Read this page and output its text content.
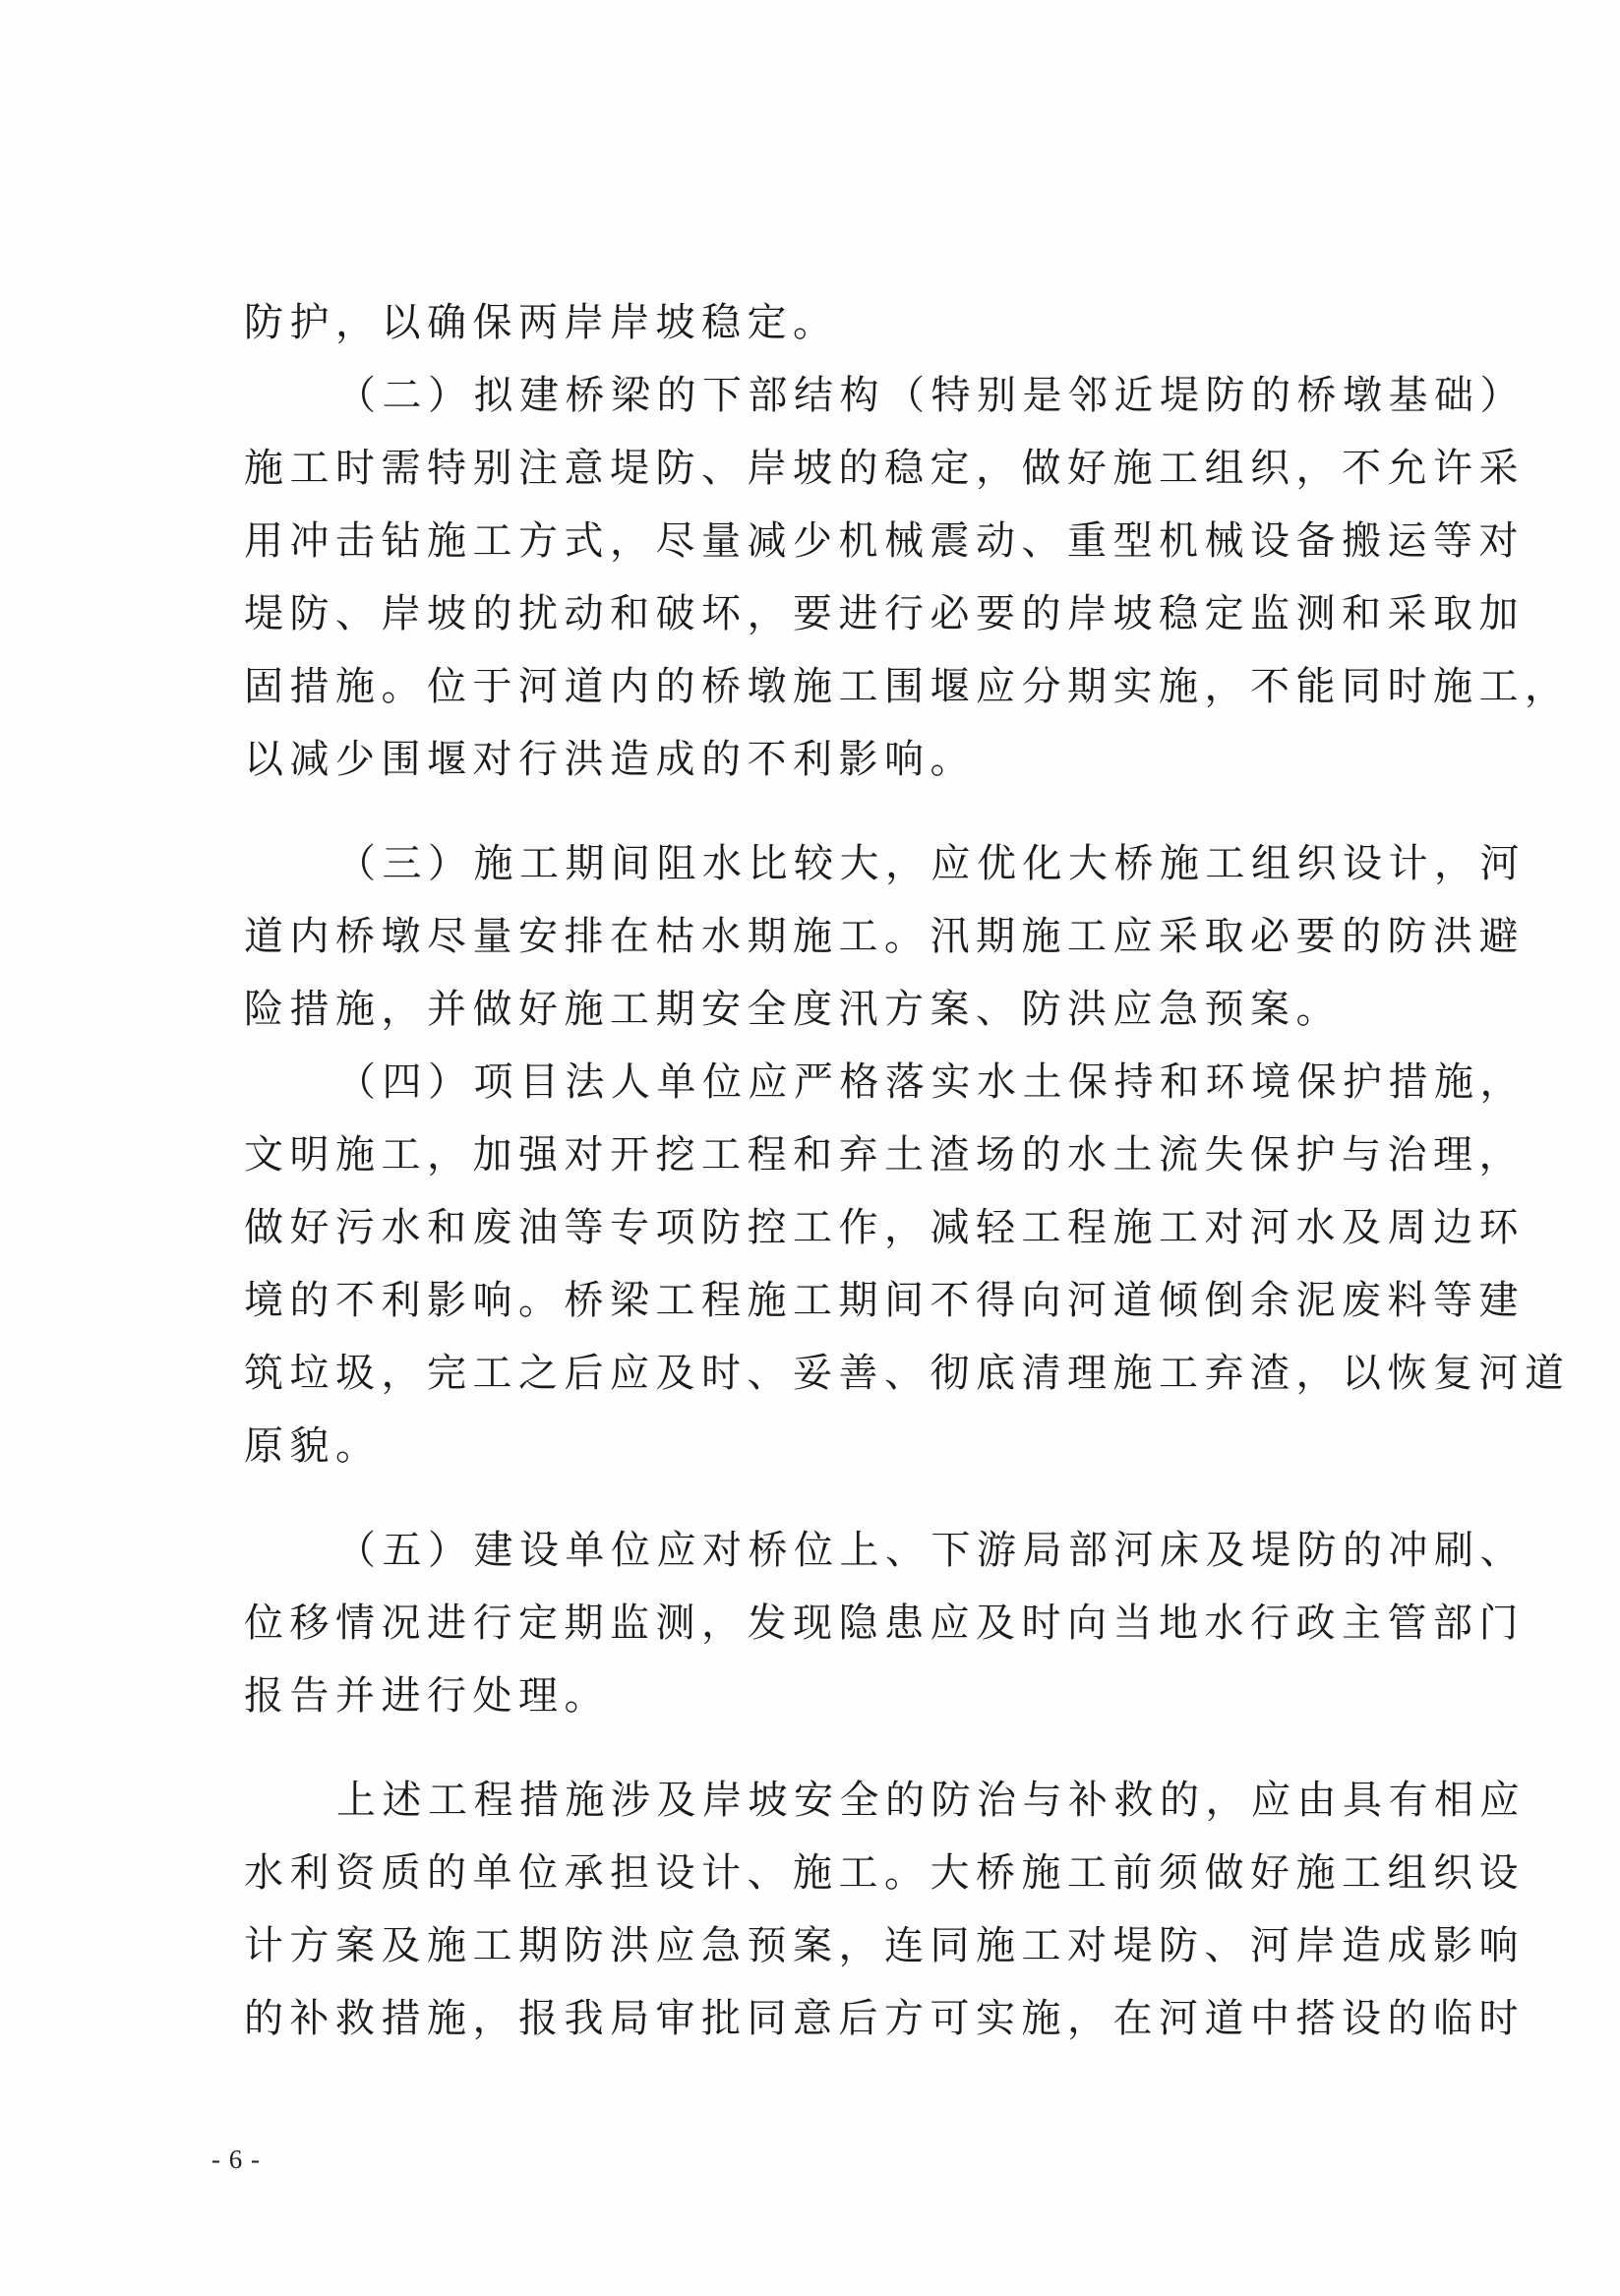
防护，以确保两岸岸坡稳定。
（二）拟建桥梁的下部结构（特别是邻近堤防的桥墩基础）
施工时需特别注意堤防、岸坡的稳定，做好施工组织，不允许采
用冲击钻施工方式，尽量减少机械震动、重型机械设备搬运等对
堤防、岸坡的扰动和破坏，要进行必要的岸坡稳定监测和采取加
固措施。位于河道内的桥墩施工围堰应分期实施，不能同时施工，
以减少围堰对行洪造成的不利影响。
（三）施工期间阻水比较大，应优化大桥施工组织设计，河
道内桥墩尽量安排在枯水期施工。汛期施工应采取必要的防洪避
险措施，并做好施工期安全度汛方案、防洪应急预案。
（四）项目法人单位应严格落实水土保持和环境保护措施，
文明施工，加强对开挖工程和弃土渣场的水土流失保护与治理，
做好污水和废油等专项防控工作，减轻工程施工对河水及周边环
境的不利影响。桥梁工程施工期间不得向河道倾倒余泥废料等建
筑垃圾，完工之后应及时、妥善、彻底清理施工弃渣，以恢复河道
原貌。
（五）建设单位应对桥位上、下游局部河床及堤防的冲刷、
位移情况进行定期监测，发现隐患应及时向当地水行政主管部门
报告并进行处理。
上述工程措施涉及岸坡安全的防治与补救的，应由具有相应
水利资质的单位承担设计、施工。大桥施工前须做好施工组织设
计方案及施工期防洪应急预案，连同施工对堤防、河岸造成影响
的补救措施，报我局审批同意后方可实施，在河道中搭设的临时
- 6 -
